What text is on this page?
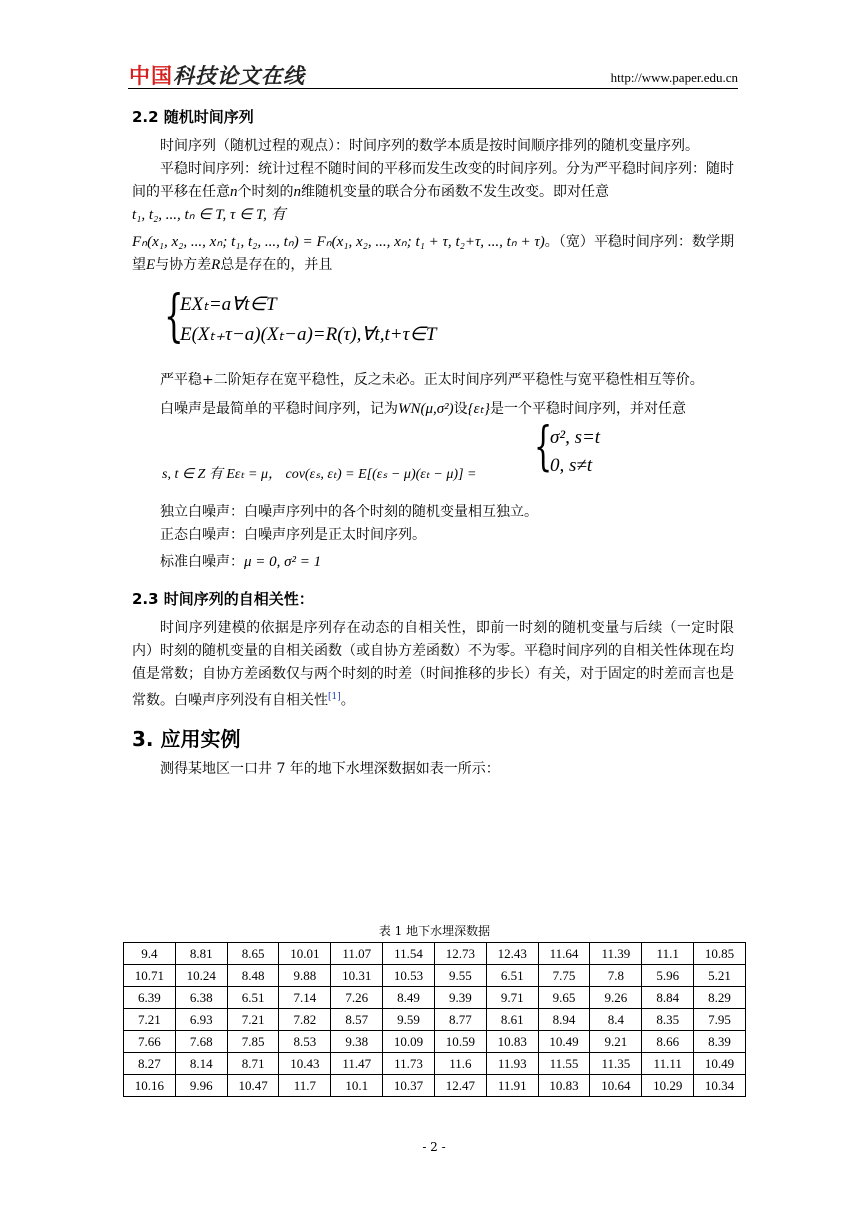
中国科技论文在线	http://www.paper.edu.cn
2.2 随机时间序列

时间序列（随机过程的观点）：时间序列的数学本质是按时间顺序排列的随机变量序列。

平稳时间序列：统计过程不随时间的平移而发生改变的时间序列。分为严平稳时间序列：随时间的平移在任意n个时刻的n维随机变量的联合分布函数不发生改变。即对任意

t₁, t₂, ..., tₙ ∈ T, τ ∈ T, 有

Fₙ(x₁, x₂, ..., xₙ; t₁, t₂, ..., tₙ) = Fₙ(x₁, x₂, ..., xₙ; t₁ + τ, t₂+τ, ..., tₙ + τ)。（宽）平稳时间序列：数学期望E与协方差R总是存在的，并且

{
EXₜ=a∀t∈T
E(Xₜ₊τ−a)(Xₜ−a)=R(τ),∀t,t+τ∈T

严平稳+二阶矩存在宽平稳性，反之未必。正太时间序列严平稳性与宽平稳性相互等价。

白噪声是最简单的平稳时间序列，记为WN(μ,σ²)设{εₜ}是一个平稳时间序列，并对任意

{
σ², s=t
0, s≠t
s, t ∈ Z 有 Eεₜ = μ， cov(εₛ, εₜ) = E[(εₛ − μ)(εₜ − μ)] =

独立白噪声：白噪声序列中的各个时刻的随机变量相互独立。

正态白噪声：白噪声序列是正太时间序列。

标准白噪声：μ = 0, σ² = 1

2.3 时间序列的自相关性：

时间序列建模的依据是序列存在动态的自相关性，即前一时刻的随机变量与后续（一定时限内）时刻的随机变量的自相关函数（或自协方差函数）不为零。平稳时间序列的自相关性体现在均值是常数；自协方差函数仅与两个时刻的时差（时间推移的步长）有关，对于固定的时差而言也是常数。白噪声序列没有自相关性[1]。

3. 应用实例

测得某地区一口井 7 年的地下水埋深数据如表一所示：

表 1 地下水埋深数据
9.4	8.81	8.65	10.01	11.07	11.54	12.73	12.43	11.64	11.39	11.1	10.85
10.71	10.24	8.48	9.88	10.31	10.53	9.55	6.51	7.75	7.8	5.96	5.21
6.39	6.38	6.51	7.14	7.26	8.49	9.39	9.71	9.65	9.26	8.84	8.29
7.21	6.93	7.21	7.82	8.57	9.59	8.77	8.61	8.94	8.4	8.35	7.95
7.66	7.68	7.85	8.53	9.38	10.09	10.59	10.83	10.49	9.21	8.66	8.39
8.27	8.14	8.71	10.43	11.47	11.73	11.6	11.93	11.55	11.35	11.11	10.49
10.16	9.96	10.47	11.7	10.1	10.37	12.47	11.91	10.83	10.64	10.29	10.34
- 2 -
